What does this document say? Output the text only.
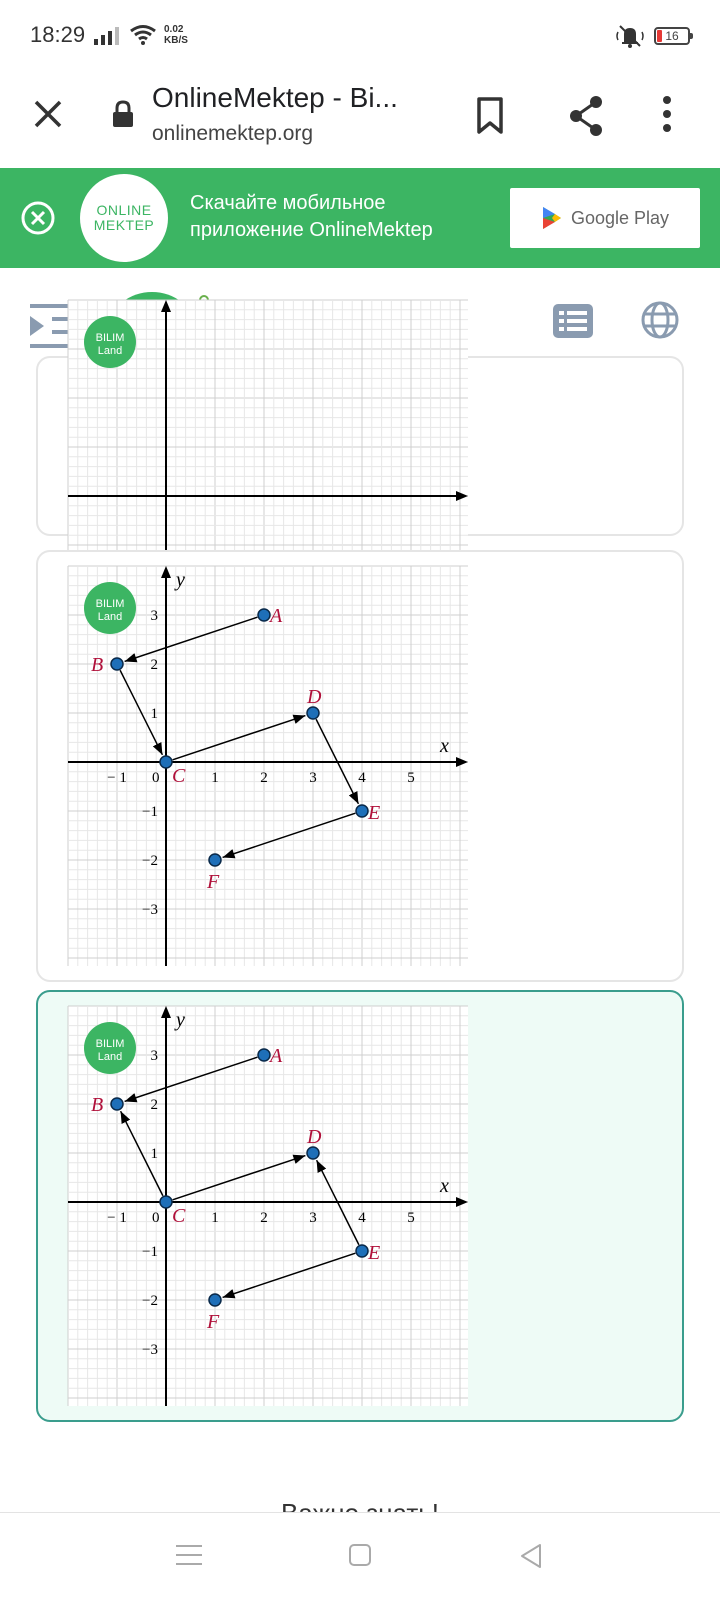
18:29	0.02
KB/S	16
OnlineMektep - Bi...
onlinemektep.org
ONLINE
MEKTEP
Скачайте мобильное приложение OnlineMektep
Google Play
BILIM
Land
x
y
− 1 0	1	2	3	4	5
3
2
1
−1
−2
−3
BILIM
Land	A
B
C
D
E
F
x
y
− 1 0	1	2	3	4	5
3
2
1
−1
−2
−3
BILIM
Land	A
B
C
D
E
F
